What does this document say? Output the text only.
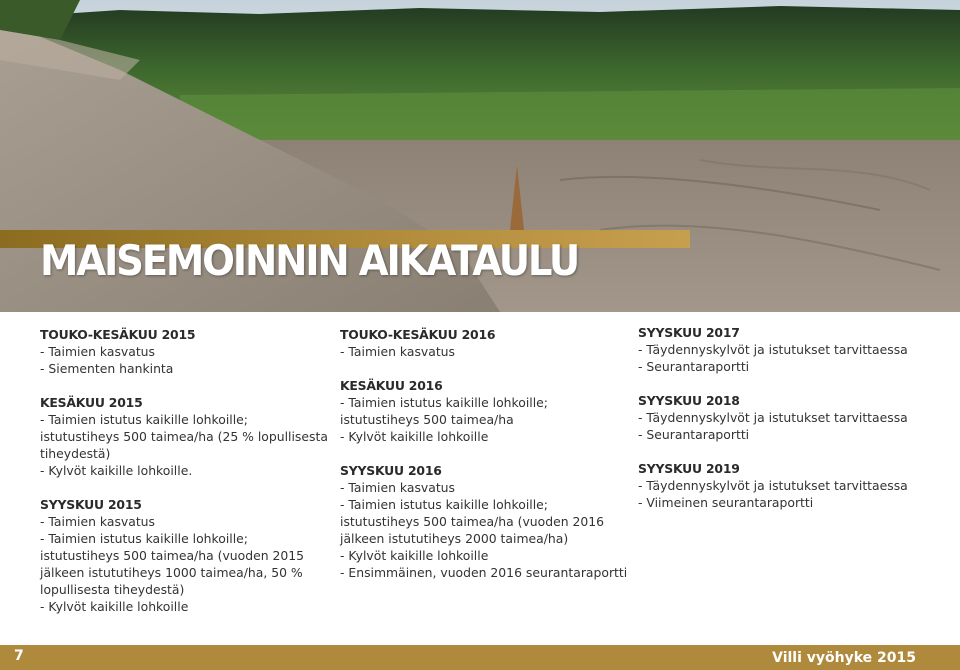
MAISEMOINNIN AIKATAULU
TOUKO-KESÄKUU 2015
- Taimien kasvatus
- Siementen hankinta
KESÄKUU 2015
- Taimien istutus kaikille lohkoille; istutustiheys 500 taimea/ha (25 % lopullisesta tiheydestä)
- Kylvöt kaikille lohkoille.
SYYSKUU 2015
- Taimien kasvatus
- Taimien istutus kaikille lohkoille; istutustiheys 500 taimea/ha (vuoden 2015 jälkeen istututiheys 1000 taimea/ha, 50 % lopullisesta tiheydestä)
- Kylvöt kaikille lohkoille
TOUKO-KESÄKUU 2016
- Taimien kasvatus
KESÄKUU 2016
- Taimien istutus kaikille lohkoille; istutustiheys 500 taimea/ha
- Kylvöt kaikille lohkoille
SYYSKUU 2016
- Taimien kasvatus
- Taimien istutus kaikille lohkoille; istutustiheys 500 taimea/ha (vuoden 2016 jälkeen istututiheys 2000 taimea/ha)
- Kylvöt kaikille lohkoille
- Ensimmäinen, vuoden 2016 seurantaraportti
SYYSKUU 2017
- Täydennyskylvöt ja istutukset tarvittaessa
- Seurantaraportti
SYYSKUU 2018
- Täydennyskylvöt ja istutukset tarvittaessa
- Seurantaraportti
SYYSKUU 2019
- Täydennyskylvöt ja istutukset tarvittaessa
- Viimeinen seurantaraportti
7	Villi vyöhyke 2015
